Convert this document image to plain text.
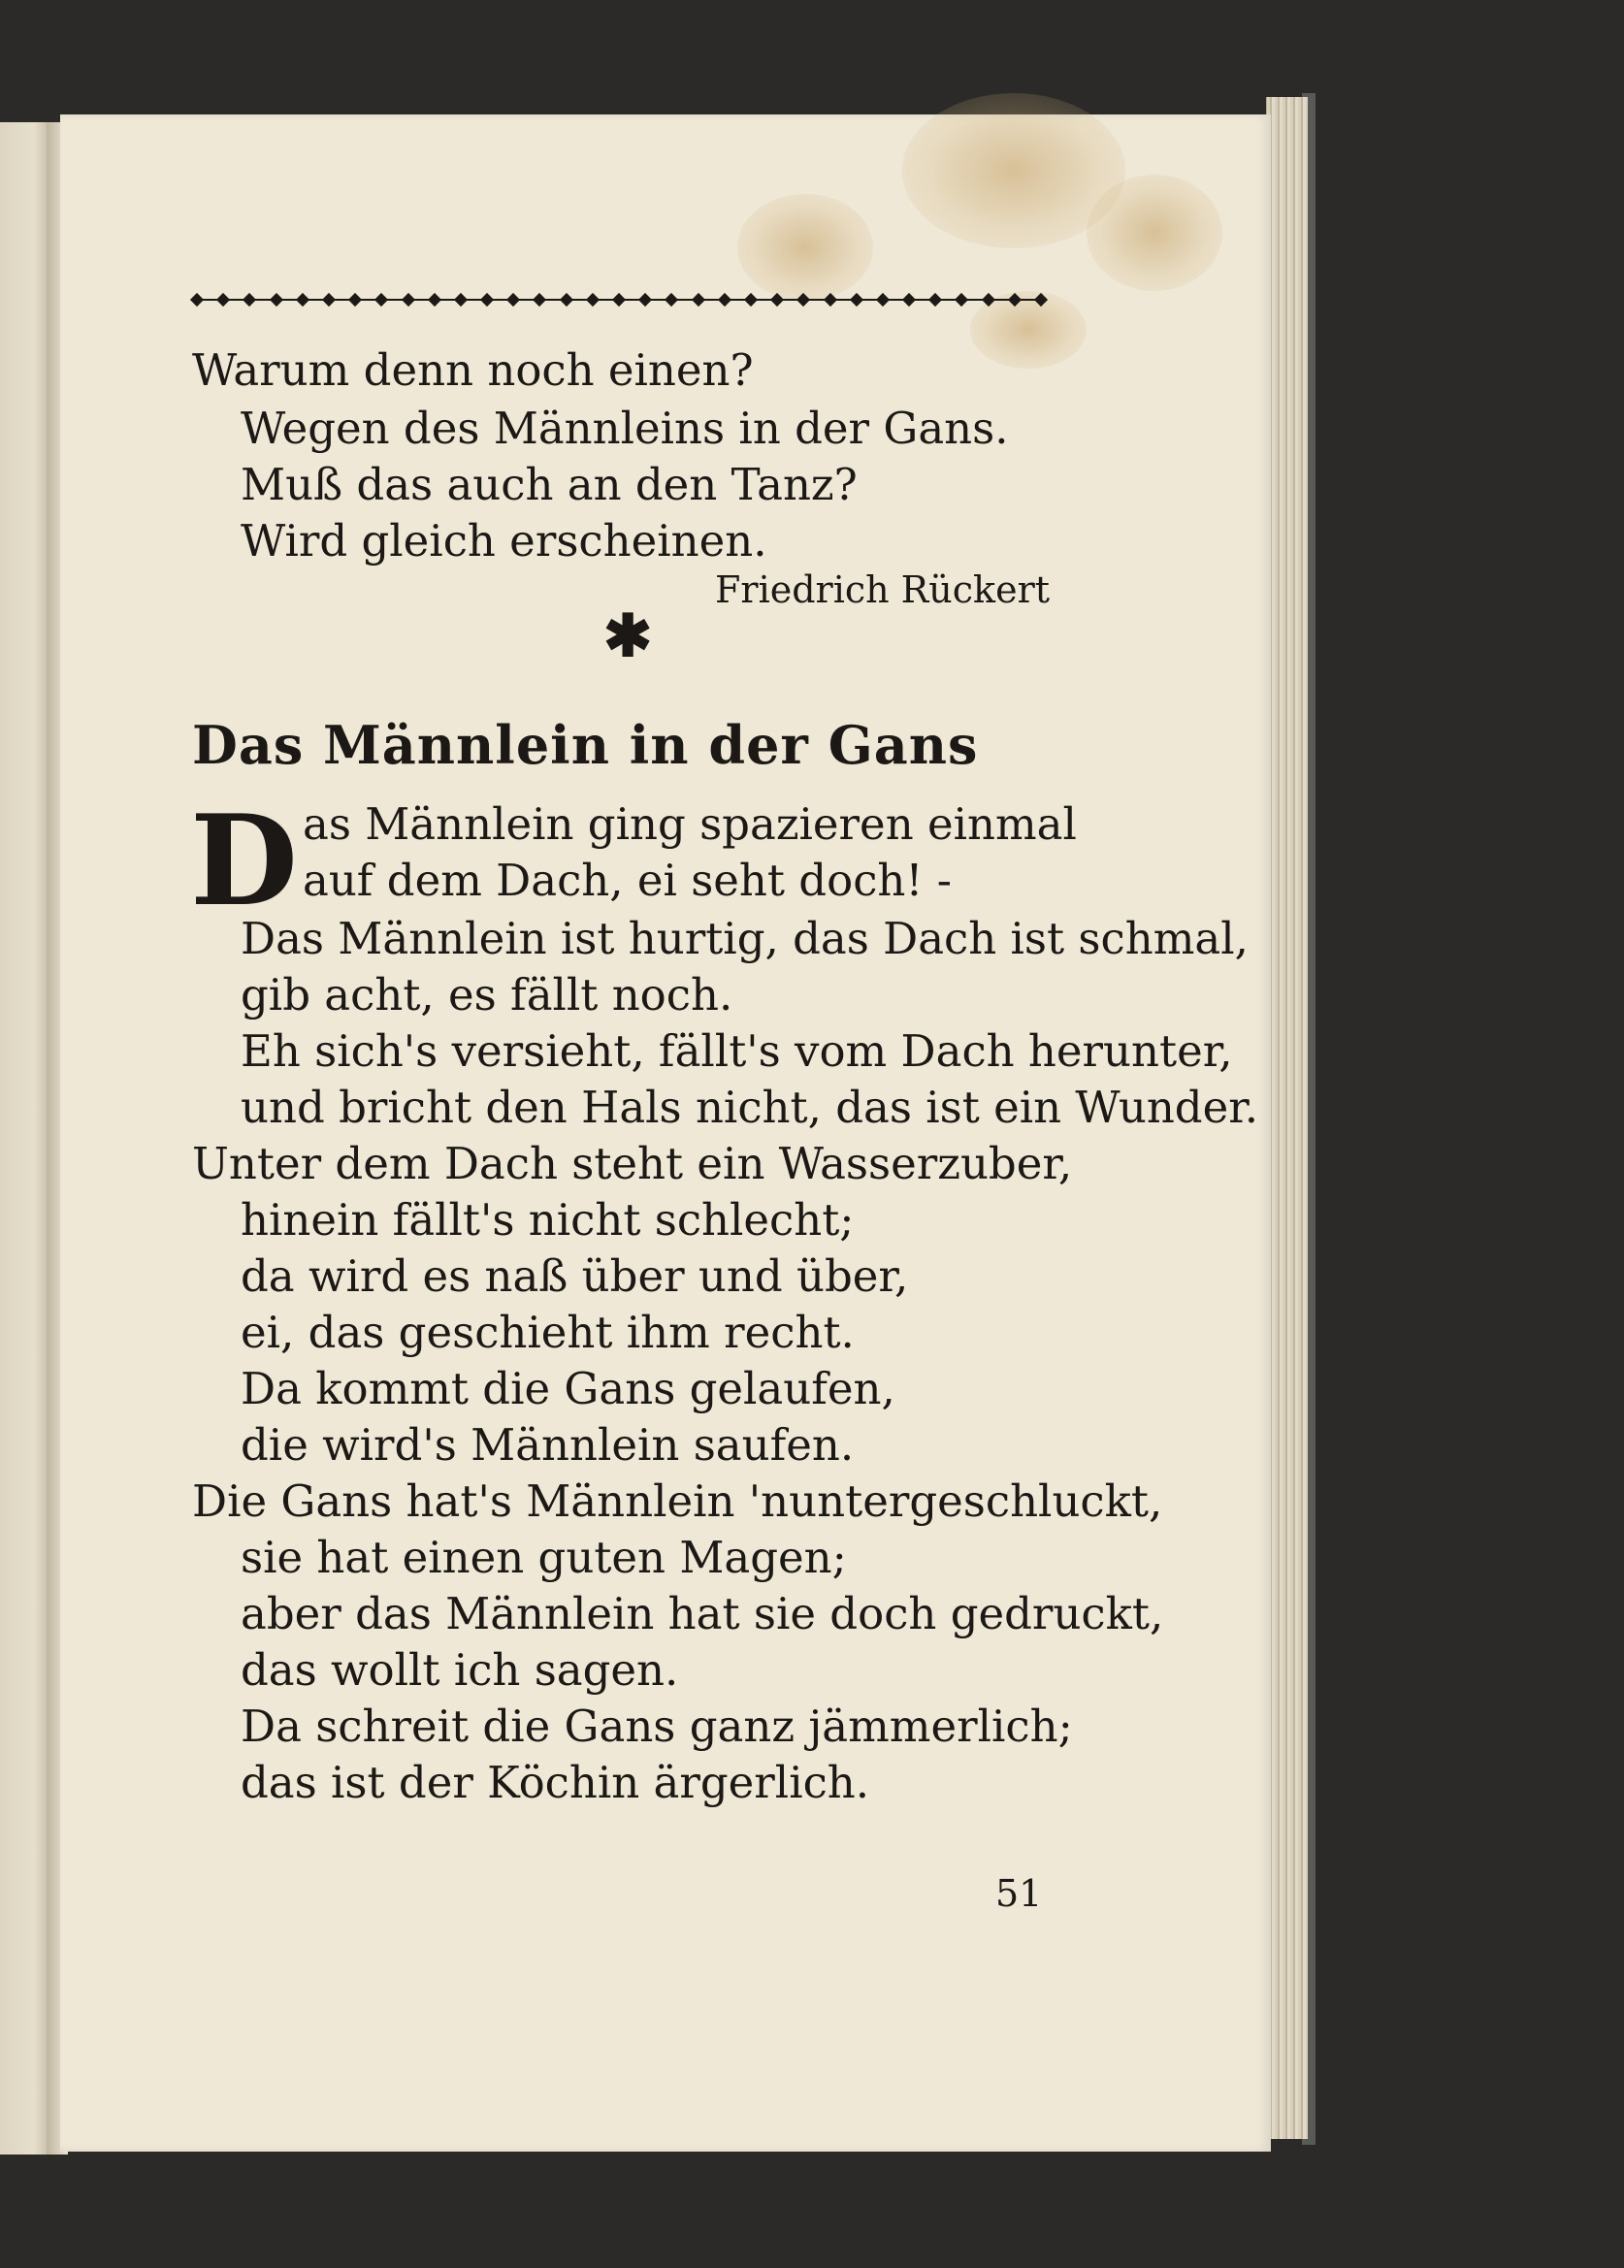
Warum denn noch einen?
Wegen des Männleins in der Gans.
Muß das auch an den Tanz?
Wird gleich erscheinen.
Friedrich Rückert
✱
Das Männlein in der Gans
D as Männlein ging spazieren einmal
auf dem Dach, ei seht doch! -
Das Männlein ist hurtig, das Dach ist schmal,
gib acht, es fällt noch.
Eh sich's versieht, fällt's vom Dach herunter,
und bricht den Hals nicht, das ist ein Wunder.
Unter dem Dach steht ein Wasserzuber,
hinein fällt's nicht schlecht;
da wird es naß über und über,
ei, das geschieht ihm recht.
Da kommt die Gans gelaufen,
die wird's Männlein saufen.
Die Gans hat's Männlein 'nuntergeschluckt,
sie hat einen guten Magen;
aber das Männlein hat sie doch gedruckt,
das wollt ich sagen.
Da schreit die Gans ganz jämmerlich;
das ist der Köchin ärgerlich.
51
